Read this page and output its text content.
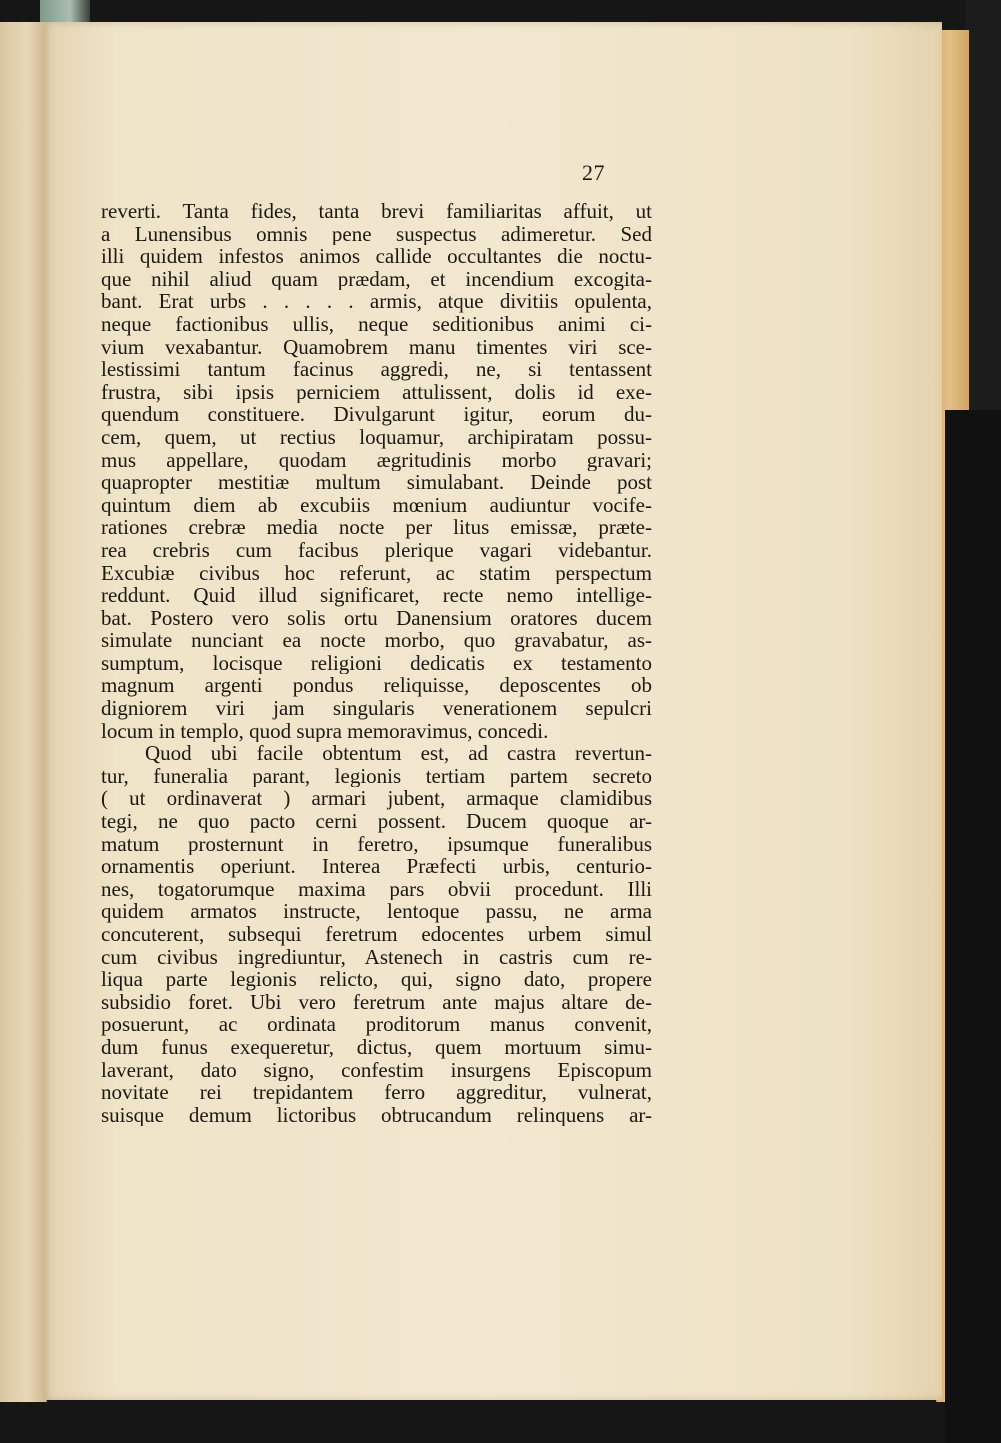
27
reverti. Tanta fides, tanta brevi familiaritas affuit, ut
a Lunensibus omnis pene suspectus adimeretur. Sed
illi quidem infestos animos callide occultantes die noctu-
que nihil aliud quam prædam, et incendium excogita-
bant. Erat urbs . . . . . armis, atque divitiis opulenta,
neque factionibus ullis, neque seditionibus animi ci-
vium vexabantur. Quamobrem manu timentes viri sce-
lestissimi tantum facinus aggredi, ne, si tentassent
frustra, sibi ipsis perniciem attulissent, dolis id exe-
quendum constituere. Divulgarunt igitur, eorum du-
cem, quem, ut rectius loquamur, archipiratam possu-
mus appellare, quodam ægritudinis morbo gravari;
quapropter mestitiæ multum simulabant. Deinde post
quintum diem ab excubiis mœnium audiuntur vocife-
rationes crebræ media nocte per litus emissæ, præte-
rea crebris cum facibus plerique vagari videbantur.
Excubiæ civibus hoc referunt, ac statim perspectum
reddunt. Quid illud significaret, recte nemo intellige-
bat. Postero vero solis ortu Danensium oratores ducem
simulate nunciant ea nocte morbo, quo gravabatur, as-
sumptum, locisque religioni dedicatis ex testamento
magnum argenti pondus reliquisse, deposcentes ob
digniorem viri jam singularis venerationem sepulcri
locum in templo, quod supra memoravimus, concedi.
Quod ubi facile obtentum est, ad castra revertun-
tur, funeralia parant, legionis tertiam partem secreto
( ut ordinaverat ) armari jubent, armaque clamidibus
tegi, ne quo pacto cerni possent. Ducem quoque ar-
matum prosternunt in feretro, ipsumque funeralibus
ornamentis operiunt. Interea Præfecti urbis, centurio-
nes, togatorumque maxima pars obvii procedunt. Illi
quidem armatos instructe, lentoque passu, ne arma
concuterent, subsequi feretrum edocentes urbem simul
cum civibus ingrediuntur, Astenech in castris cum re-
liqua parte legionis relicto, qui, signo dato, propere
subsidio foret. Ubi vero feretrum ante majus altare de-
posuerunt, ac ordinata proditorum manus convenit,
dum funus exequeretur, dictus, quem mortuum simu-
laverant, dato signo, confestim insurgens Episcopum
novitate rei trepidantem ferro aggreditur, vulnerat,
suisque demum lictoribus obtrucandum relinquens ar-
